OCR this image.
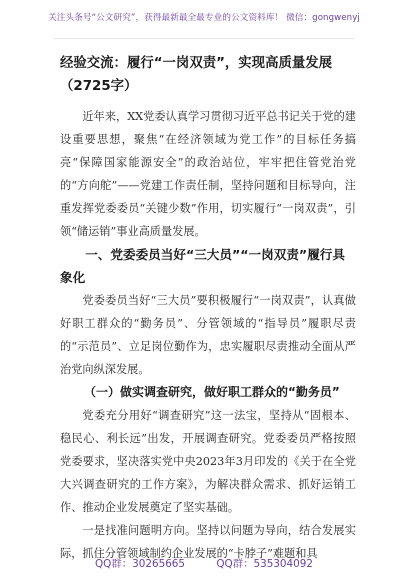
关注头条号“公文研究”，获得最新最全最专业的公文资料库！ 微信：gongwenyj

经验交流：履行“一岗双责”，实现高质量发展（2725字）

近年来，XX党委认真学习贯彻习近平总书记关于党的建设重要思想，聚焦“在经济领域为党工作”的目标任务搞亮“保障国家能源安全”的政治站位，牢牢把住管党治党的“方向舵”——党建工作责任制，坚持问题和目标导向，注重发挥党委委员“关键少数”作用，切实履行“一岗双责”，引领“储运销”事业高质量发展。

一、党委委员当好“三大员”“一岗双责”履行具象化

党委委员当好“三大员”要积极履行“一岗双责”，认真做好职工群众的“勤务员”、分管领域的“指导员”履职尽责的“示范员”、立足岗位勤作为，忠实履职尽责推动全面从严治党向纵深发展。

（一）做实调查研究，做好职工群众的“勤务员”

党委充分用好“调查研究”这一法宝，坚持从“固根本、稳民心、利长远”出发，开展调查研究。党委委员严格按照党委要求，坚决落实党中央2023年3月印发的《关于在全党大兴调查研究的工作方案》，为解决群众需求、抓好运销工作、推动企业发展奠定了坚实基础。

一是找准问题明方向。坚持以问题为导向，结合发展实际，抓住分管领域制约企业发展的“卡脖子”难题和具

QQ群：30265665	QQ群：535304092
